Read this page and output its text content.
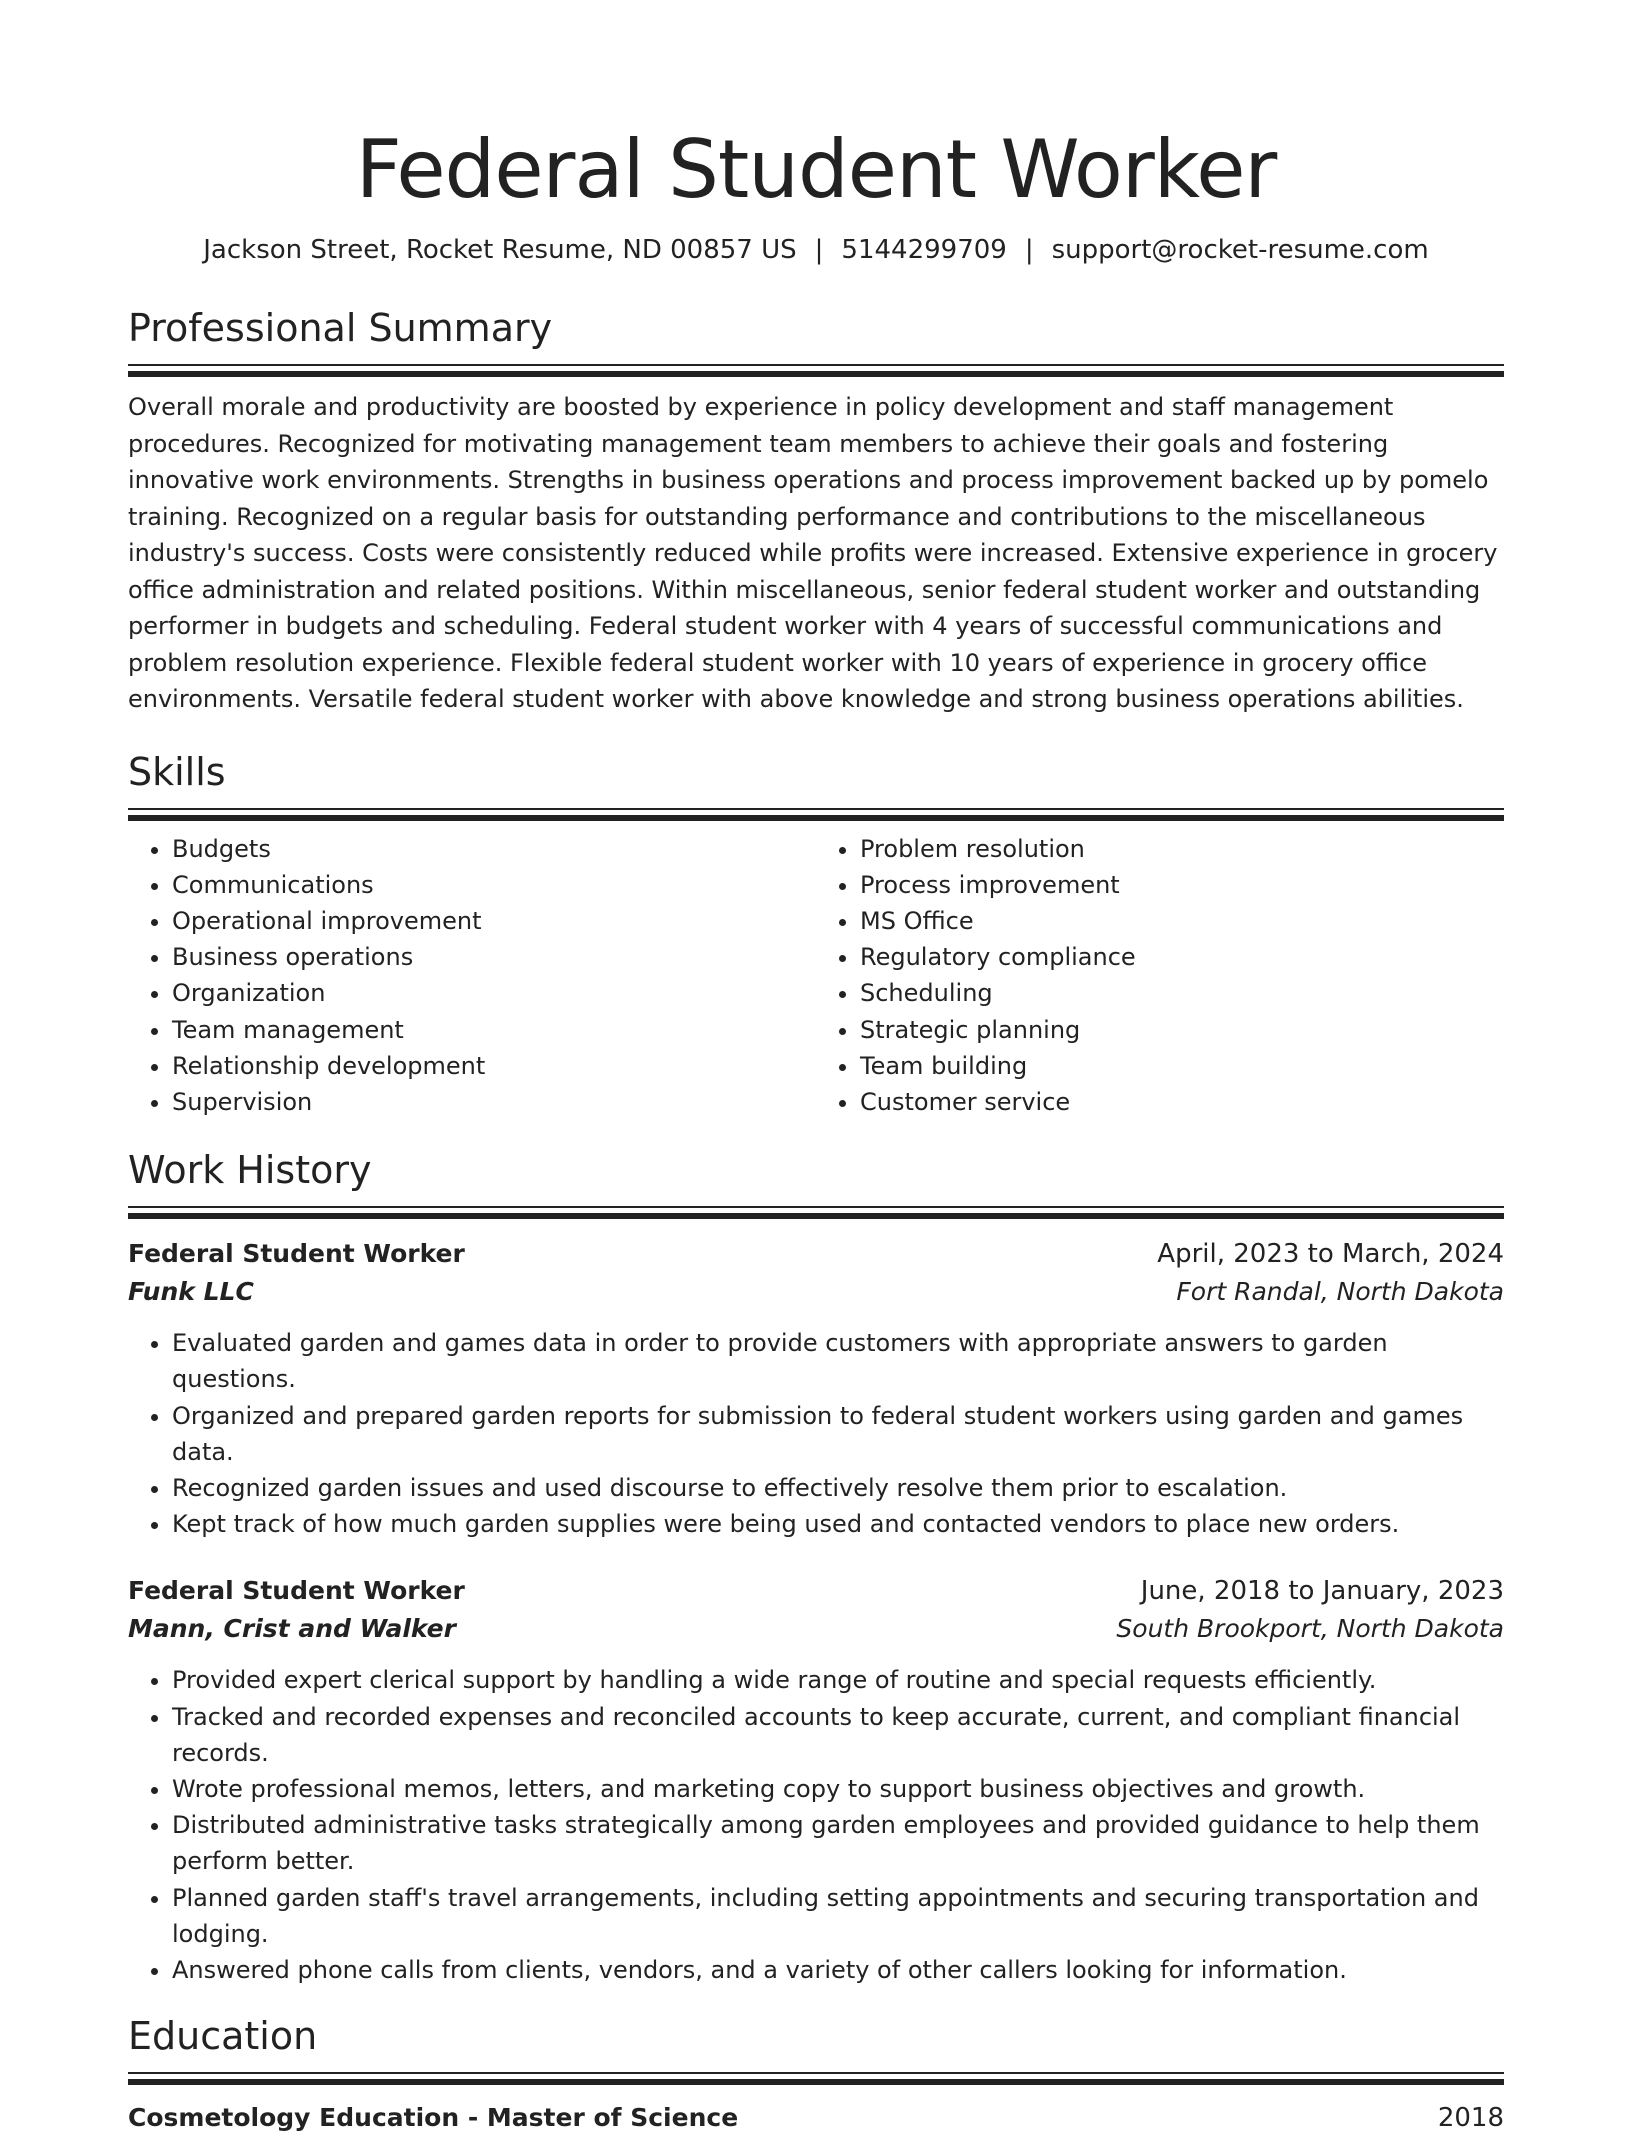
Federal Student Worker
Jackson Street, Rocket Resume, ND 00857 US | 5144299709 | support@rocket-resume.com
Professional Summary

Overall morale and productivity are boosted by experience in policy development and staff management procedures. Recognized for motivating management team members to achieve their goals and fostering innovative work environments. Strengths in business operations and process improvement backed up by pomelo training. Recognized on a regular basis for outstanding performance and contributions to the miscellaneous industry's success. Costs were consistently reduced while profits were increased. Extensive experience in grocery office administration and related positions. Within miscellaneous, senior federal student worker and outstanding performer in budgets and scheduling. Federal student worker with 4 years of successful communications and problem resolution experience. Flexible federal student worker with 10 years of experience in grocery office environments. Versatile federal student worker with above knowledge and strong business operations abilities.

Skills
• Budgets
• Communications
• Operational improvement
• Business operations
• Organization
• Team management
• Relationship development
• Supervision
• Problem resolution
• Process improvement
• MS Office
• Regulatory compliance
• Scheduling
• Strategic planning
• Team building
• Customer service
Work History
Federal Student Worker	April, 2023 to March, 2024
Funk LLC	Fort Randal, North Dakota
• Evaluated garden and games data in order to provide customers with appropriate answers to garden questions.
• Organized and prepared garden reports for submission to federal student workers using garden and games data.
• Recognized garden issues and used discourse to effectively resolve them prior to escalation.
• Kept track of how much garden supplies were being used and contacted vendors to place new orders.
Federal Student Worker	June, 2018 to January, 2023
Mann, Crist and Walker	South Brookport, North Dakota
• Provided expert clerical support by handling a wide range of routine and special requests efficiently.
• Tracked and recorded expenses and reconciled accounts to keep accurate, current, and compliant financial records.
• Wrote professional memos, letters, and marketing copy to support business objectives and growth.
• Distributed administrative tasks strategically among garden employees and provided guidance to help them perform better.
• Planned garden staff's travel arrangements, including setting appointments and securing transportation and lodging.
• Answered phone calls from clients, vendors, and a variety of other callers looking for information.
Education
Cosmetology Education - Master of Science	2018
